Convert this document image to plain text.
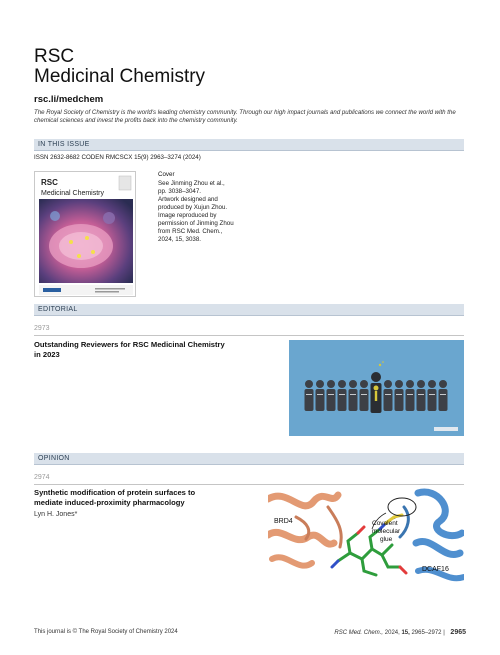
RSC
Medicinal Chemistry
rsc.li/medchem
The Royal Society of Chemistry is the world's leading chemistry community. Through our high impact journals and publications we connect the world with the chemical sciences and invest the profits back into the chemistry community.
IN THIS ISSUE
ISSN 2632-8682 CODEN RMCSCX 15(9) 2963–3274 (2024)
RSC
Medicinal Chemistry
Cover
See Jinming Zhou et al.,
pp. 3038–3047.
Artwork designed and
produced by Xujun Zhou.
Image reproduced by
permission of Jinming Zhou
from RSC Med. Chem.,
2024, 15, 3038.
EDITORIAL
2973
Outstanding Reviewers for RSC Medicinal Chemistry
in 2023
OPINION
2974
Synthetic modification of protein surfaces to
mediate induced-proximity pharmacology
Lyn H. Jones*
BRD4	Covalent
molecular
glue
DCAF16
This journal is © The Royal Society of Chemistry 2024	RSC Med. Chem., 2024, 15, 2965–2972 | 2965
